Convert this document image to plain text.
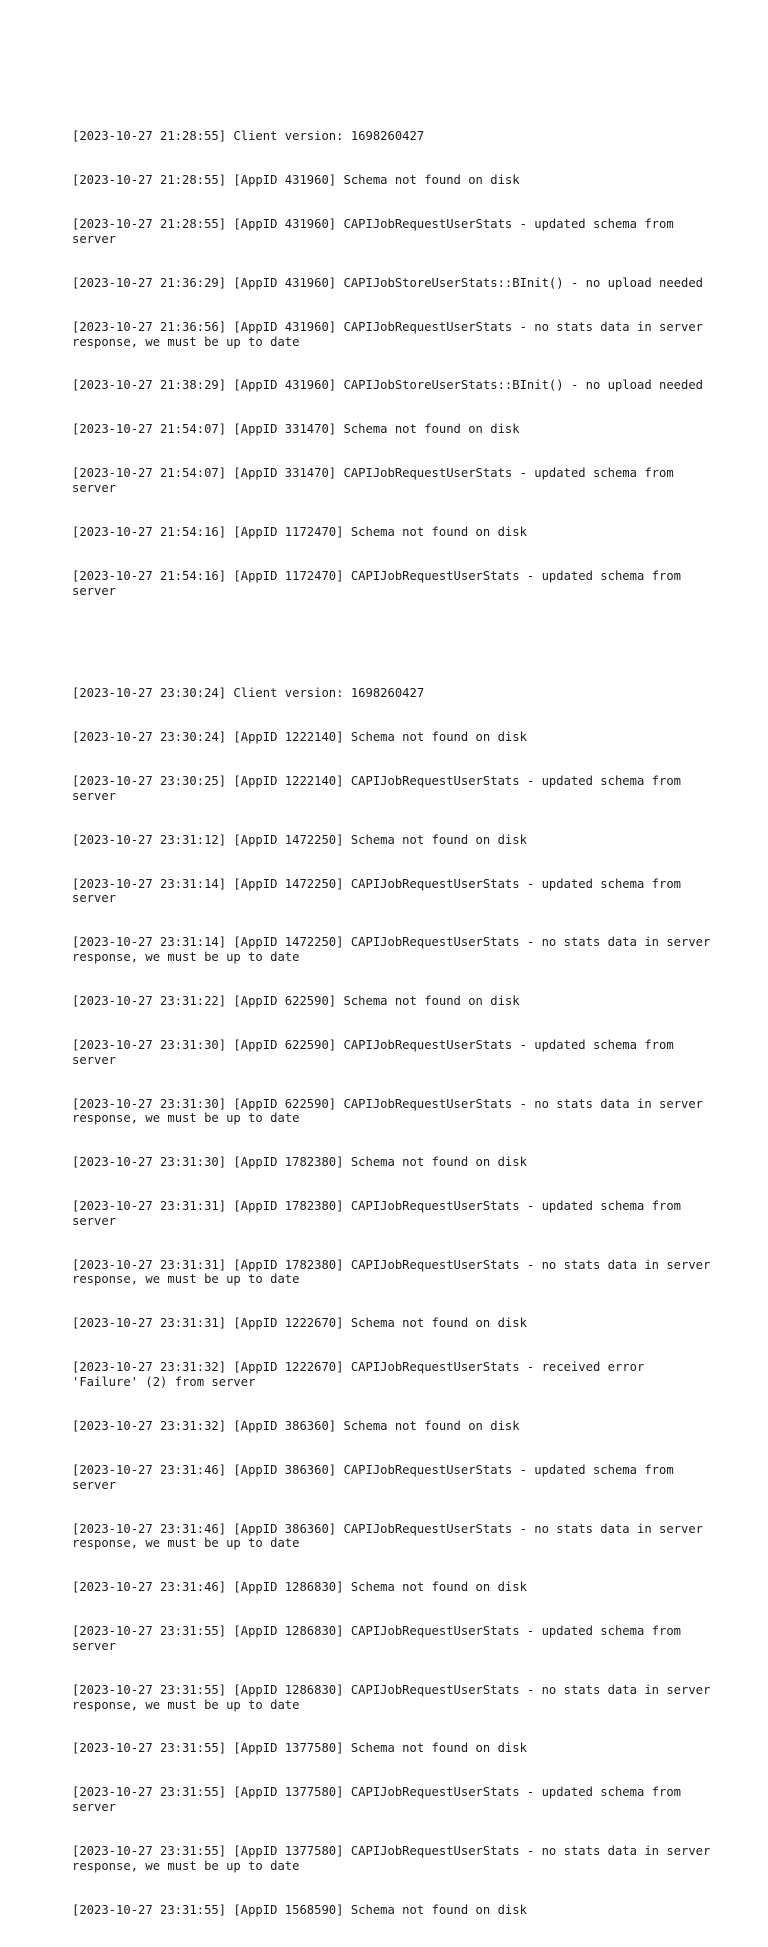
[2023-10-27 21:28:55] Client version: 1698260427

[2023-10-27 21:28:55] [AppID 431960] Schema not found on disk

[2023-10-27 21:28:55] [AppID 431960] CAPIJobRequestUserStats - updated schema from server

[2023-10-27 21:36:29] [AppID 431960] CAPIJobStoreUserStats::BInit() - no upload needed

[2023-10-27 21:36:56] [AppID 431960] CAPIJobRequestUserStats - no stats data in server response, we must be up to date

[2023-10-27 21:38:29] [AppID 431960] CAPIJobStoreUserStats::BInit() - no upload needed

[2023-10-27 21:54:07] [AppID 331470] Schema not found on disk

[2023-10-27 21:54:07] [AppID 331470] CAPIJobRequestUserStats - updated schema from server

[2023-10-27 21:54:16] [AppID 1172470] Schema not found on disk

[2023-10-27 21:54:16] [AppID 1172470] CAPIJobRequestUserStats - updated schema from server

[2023-10-27 23:30:24] Client version: 1698260427

[2023-10-27 23:30:24] [AppID 1222140] Schema not found on disk

[2023-10-27 23:30:25] [AppID 1222140] CAPIJobRequestUserStats - updated schema from server

[2023-10-27 23:31:12] [AppID 1472250] Schema not found on disk

[2023-10-27 23:31:14] [AppID 1472250] CAPIJobRequestUserStats - updated schema from server

[2023-10-27 23:31:14] [AppID 1472250] CAPIJobRequestUserStats - no stats data in server response, we must be up to date

[2023-10-27 23:31:22] [AppID 622590] Schema not found on disk

[2023-10-27 23:31:30] [AppID 622590] CAPIJobRequestUserStats - updated schema from server

[2023-10-27 23:31:30] [AppID 622590] CAPIJobRequestUserStats - no stats data in server response, we must be up to date

[2023-10-27 23:31:30] [AppID 1782380] Schema not found on disk

[2023-10-27 23:31:31] [AppID 1782380] CAPIJobRequestUserStats - updated schema from server

[2023-10-27 23:31:31] [AppID 1782380] CAPIJobRequestUserStats - no stats data in server response, we must be up to date

[2023-10-27 23:31:31] [AppID 1222670] Schema not found on disk

[2023-10-27 23:31:32] [AppID 1222670] CAPIJobRequestUserStats - received error 'Failure' (2) from server

[2023-10-27 23:31:32] [AppID 386360] Schema not found on disk

[2023-10-27 23:31:46] [AppID 386360] CAPIJobRequestUserStats - updated schema from server

[2023-10-27 23:31:46] [AppID 386360] CAPIJobRequestUserStats - no stats data in server response, we must be up to date

[2023-10-27 23:31:46] [AppID 1286830] Schema not found on disk

[2023-10-27 23:31:55] [AppID 1286830] CAPIJobRequestUserStats - updated schema from server

[2023-10-27 23:31:55] [AppID 1286830] CAPIJobRequestUserStats - no stats data in server response, we must be up to date

[2023-10-27 23:31:55] [AppID 1377580] Schema not found on disk

[2023-10-27 23:31:55] [AppID 1377580] CAPIJobRequestUserStats - updated schema from server

[2023-10-27 23:31:55] [AppID 1377580] CAPIJobRequestUserStats - no stats data in server response, we must be up to date

[2023-10-27 23:31:55] [AppID 1568590] Schema not found on disk
